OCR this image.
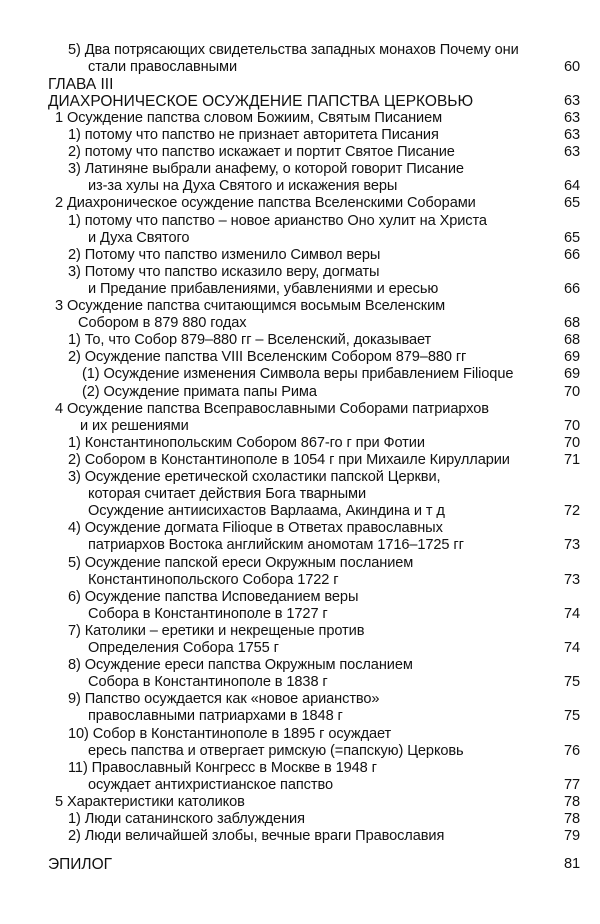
5) Два потрясающих свидетельства западных монахов Почему они
стали православными	60
ГЛАВА III
ДИАХРОНИЧЕСКОЕ ОСУЖДЕНИЕ ПАПСТВА ЦЕРКОВЬЮ	63
1 Осуждение папства словом Божиим, Святым Писанием	63
1) потому что папство не признает авторитета Писания	63
2) потому что папство искажает и портит Святое Писание	63
3) Латиняне выбрали анафему, о которой говорит Писание
из-за хулы на Духа Святого и искажения веры	64
2 Диахроническое осуждение папства Вселенскими Соборами	65
1) потому что папство – новое арианство Оно хулит на Христа
и Духа Святого	65
2) Потому что папство изменило Символ веры	66
3) Потому что папство исказило веру, догматы
и Предание прибавлениями, убавлениями и ересью	66
3 Осуждение папства считающимся восьмым Вселенским
Собором в 879 880 годах	68
1) То, что Собор 879–880 гг – Вселенский, доказывает	68
2) Осуждение папства VIII Вселенским Собором 879–880 гг	69
(1) Осуждение изменения Символа веры прибавлением Filioque	69
(2) Осуждение примата папы Рима	70
4 Осуждение папства Всеправославными Соборами патриархов
и их решениями	70
1) Константинопольским Собором 867-го г при Фотии	70
2) Собором в Константинополе в 1054 г при Михаиле Кирулларии	71
3) Осуждение еретической схоластики папской Церкви,
которая считает действия Бога тварными
Осуждение антиисихастов Варлаама, Акиндина и т д	72
4) Осуждение догмата Filioque в Ответах православных
патриархов Востока английским аномотам 1716–1725 гг	73
5) Осуждение папской ереси Окружным посланием
Константинопольского Собора 1722 г	73
6) Осуждение папства Исповеданием веры
Собора в Константинополе в 1727 г	74
7) Католики – еретики и некрещеные против
Определения Собора 1755 г	74
8) Осуждение ереси папства Окружным посланием
Собора в Константинополе в 1838 г	75
9) Папство осуждается как «новое арианство»
православными патриархами в 1848 г	75
10) Собор в Константинополе в 1895 г осуждает
ересь папства и отвергает римскую (=папскую) Церковь	76
11) Православный Конгресс в Москве в 1948 г
осуждает антихристианское папство	77
5 Характеристики католиков	78
1) Люди сатанинского заблуждения	78
2) Люди величайшей злобы, вечные враги Православия	79
ЭПИЛОГ	81
